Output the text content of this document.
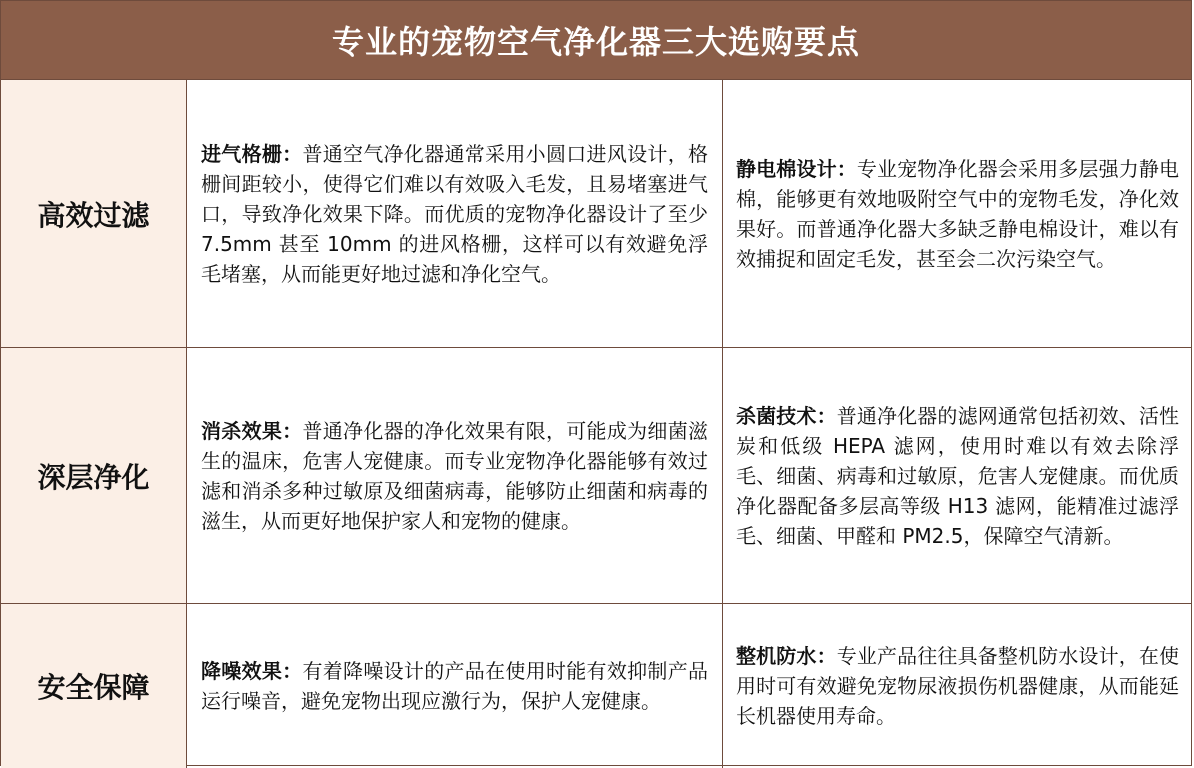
专业的宠物空气净化器三大选购要点
高效过滤
进气格栅：普通空气净化器通常采用小圆口进风设计，格栅间距较小，使得它们难以有效吸入毛发，且易堵塞进气口，导致净化效果下降。而优质的宠物净化器设计了至少 7.5mm 甚至 10mm 的进风格栅，这样可以有效避免浮毛堵塞，从而能更好地过滤和净化空气。
静电棉设计：专业宠物净化器会采用多层强力静电棉，能够更有效地吸附空气中的宠物毛发，净化效果好。而普通净化器大多缺乏静电棉设计，难以有效捕捉和固定毛发，甚至会二次污染空气。
深层净化
消杀效果：普通净化器的净化效果有限，可能成为细菌滋生的温床，危害人宠健康。而专业宠物净化器能够有效过滤和消杀多种过敏原及细菌病毒，能够防止细菌和病毒的滋生，从而更好地保护家人和宠物的健康。
杀菌技术：普通净化器的滤网通常包括初效、活性炭和低级 HEPA 滤网，使用时难以有效去除浮毛、细菌、病毒和过敏原，危害人宠健康。而优质净化器配备多层高等级 H13 滤网，能精准过滤浮毛、细菌、甲醛和 PM2.5，保障空气清新。
安全保障	降噪效果：有着降噪设计的产品在使用时能有效抑制产品运行噪音，避免宠物出现应激行为，保护人宠健康。
整机防水：专业产品往往具备整机防水设计，在使用时可有效避免宠物尿液损伤机器健康，从而能延长机器使用寿命。
